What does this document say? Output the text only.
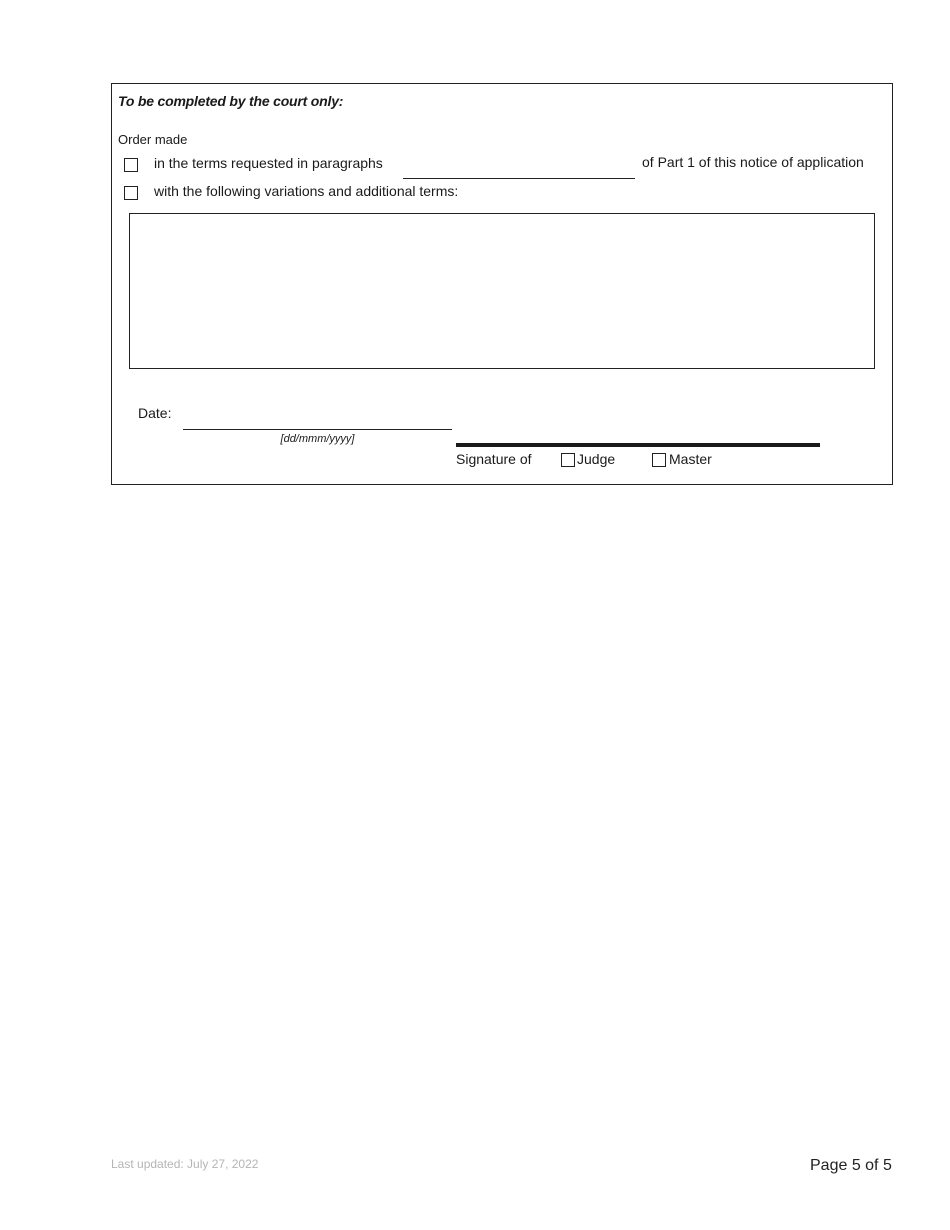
To be completed by the court only:
Order made
in the terms requested in paragraphs	of Part 1 of this notice of application
with the following variations and additional terms:
Date:
[dd/mmm/yyyy]
Signature of	Judge	Master
Last updated: July 27, 2022	Page 5 of 5
